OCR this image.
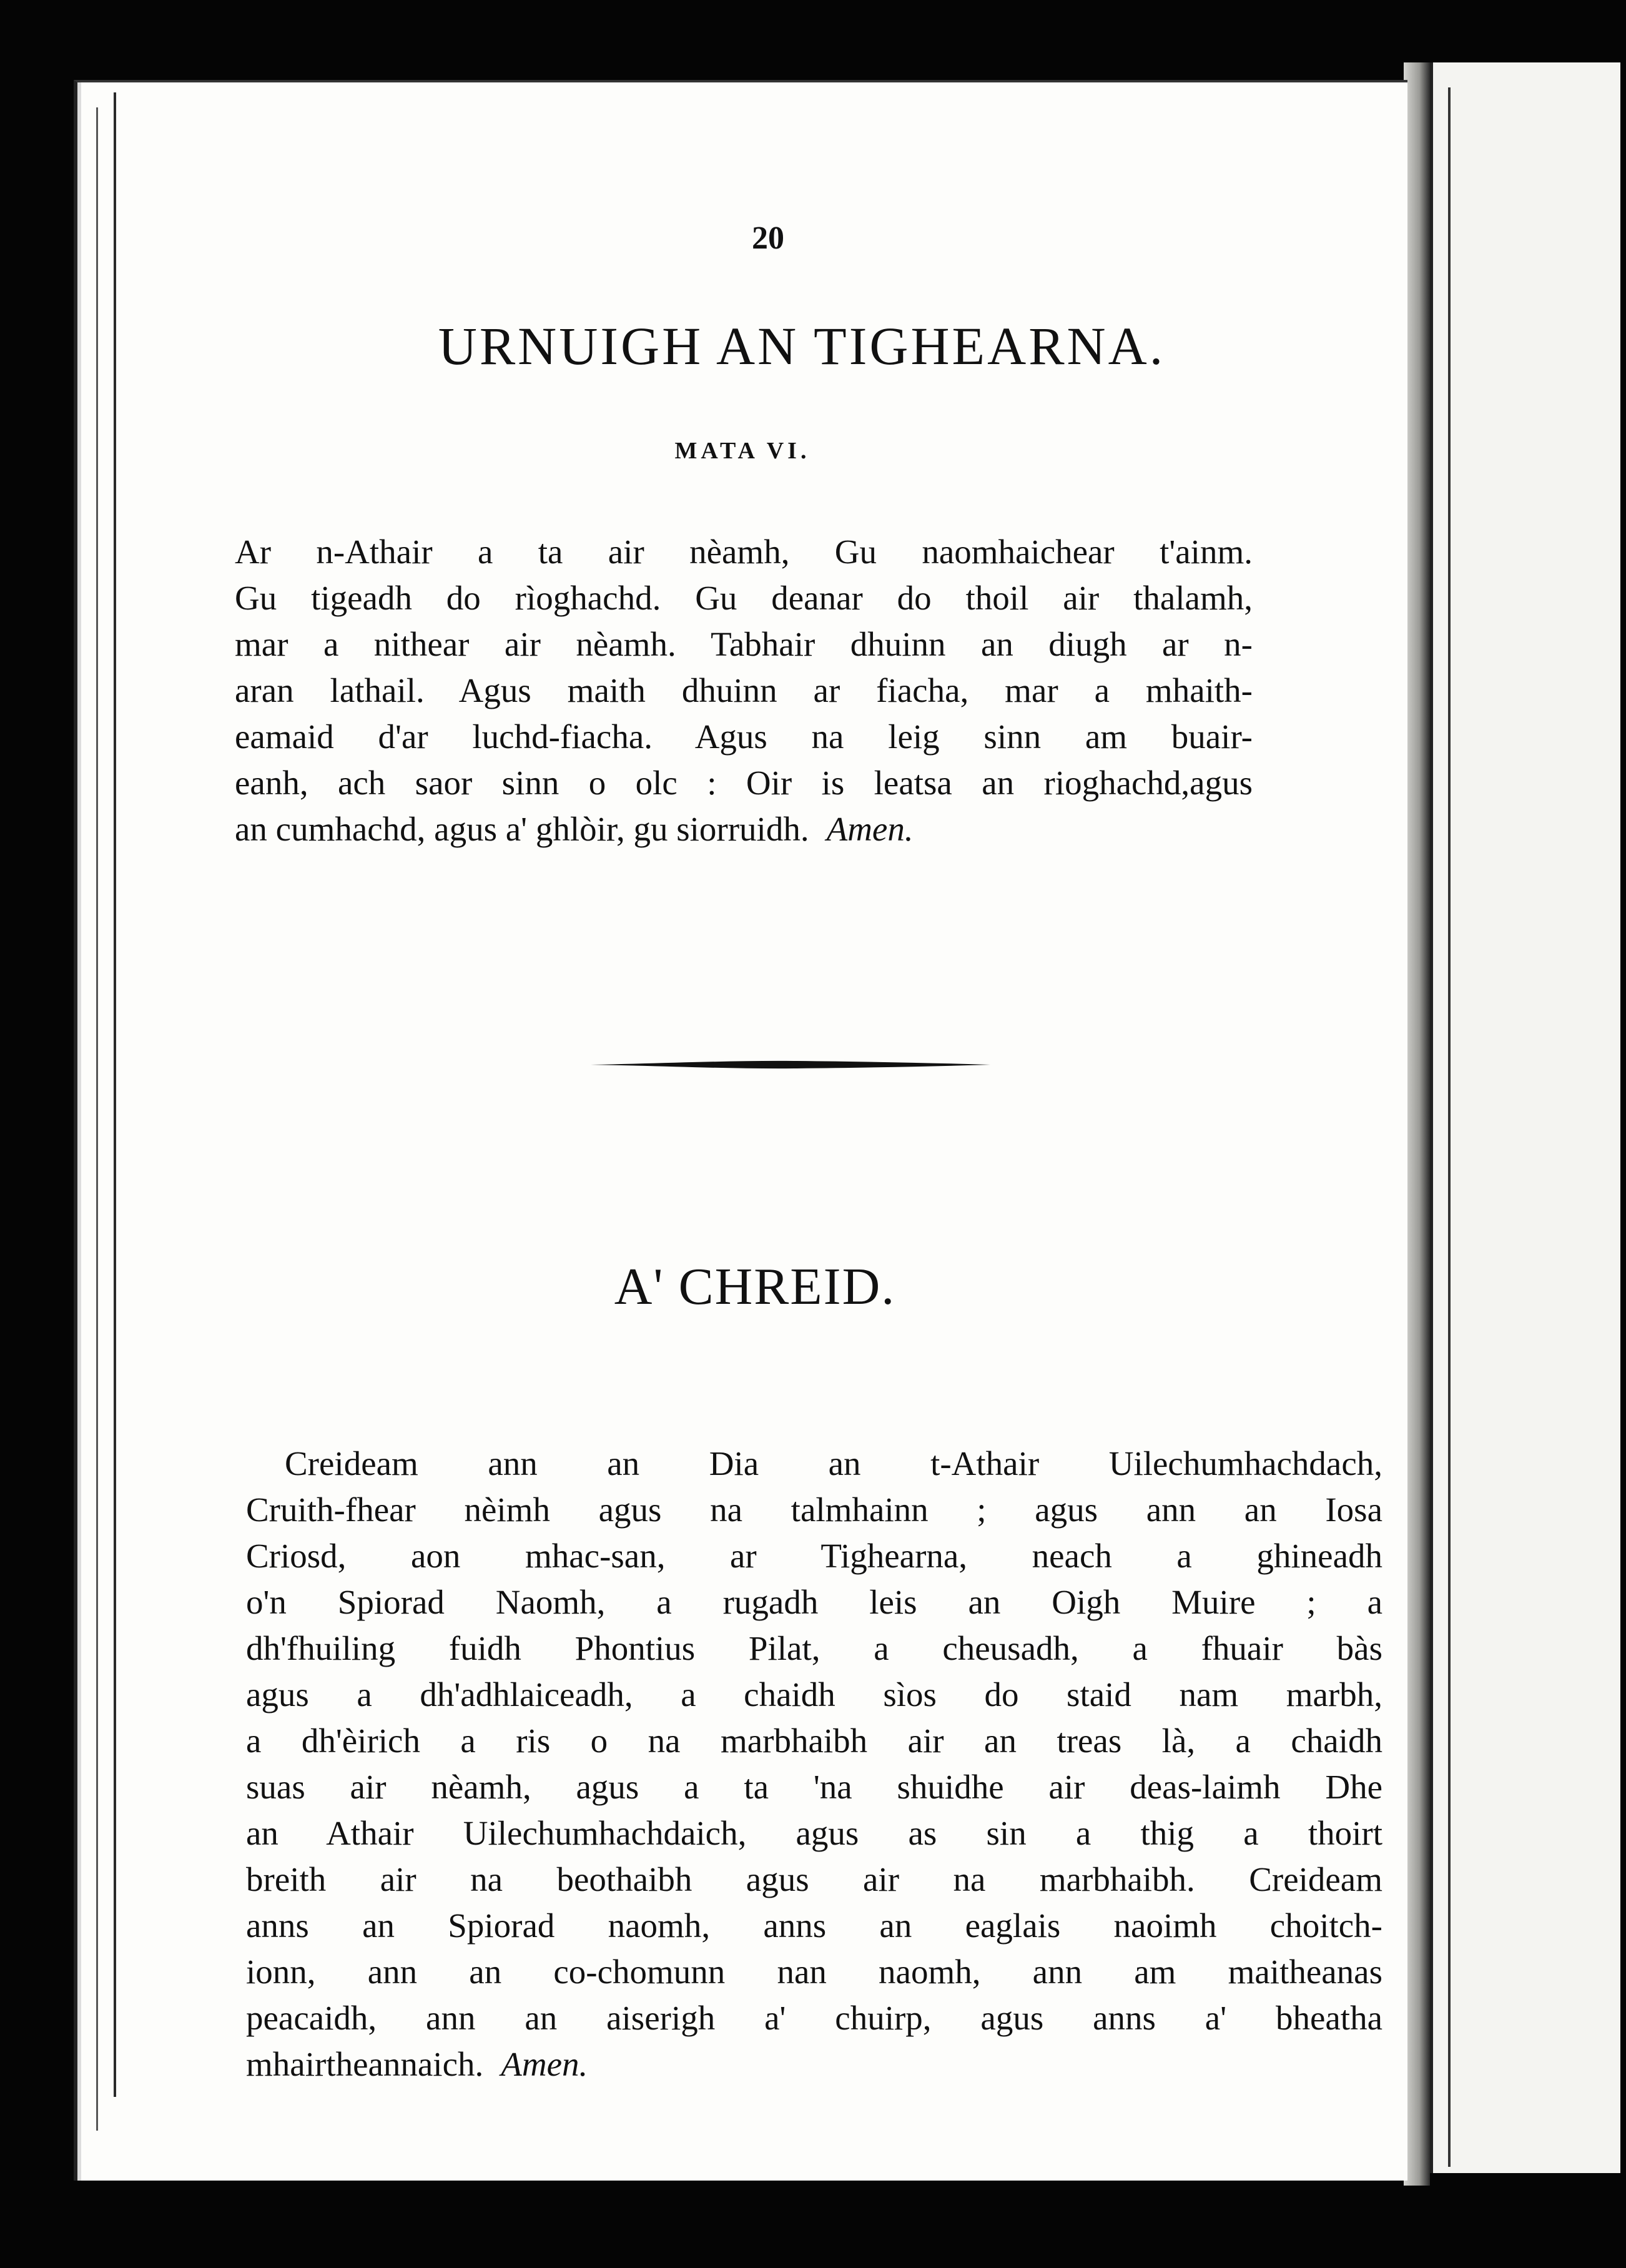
20
URNUIGH AN TIGHEARNA.
MATA VI.
Ar n-Athair a ta air nèamh, Gu naomhaichear t'ainm.
Gu tigeadh do rìoghachd. Gu deanar do thoil air thalamh,
mar a nithear air nèamh. Tabhair dhuinn an diugh ar n-
aran lathail. Agus maith dhuinn ar fiacha, mar a mhaith-
eamaid d'ar luchd-fiacha. Agus na leig sinn am buair-
eanh, ach saor sinn o olc : Oir is leatsa an rioghachd,agus
an cumhachd, agus a' ghlòir, gu siorruidh. Amen.
A' CHREID.
Creideam ann an Dia an t-Athair Uilechumhachdach,
Cruith-fhear nèimh agus na talmhainn ; agus ann an Iosa
Criosd, aon mhac-san, ar Tighearna, neach a ghineadh
o'n Spiorad Naomh, a rugadh leis an Oigh Muire ; a
dh'fhuiling fuidh Phontius Pilat, a cheusadh, a fhuair bàs
agus a dh'adhlaiceadh, a chaidh sìos do staid nam marbh,
a dh'èirich a ris o na marbhaibh air an treas là, a chaidh
suas air nèamh, agus a ta 'na shuidhe air deas-laimh Dhe
an Athair Uilechumhachdaich, agus as sin a thig a thoirt
breith air na beothaibh agus air na marbhaibh. Creideam
anns an Spiorad naomh, anns an eaglais naoimh choitch-
ionn, ann an co-chomunn nan naomh, ann am maitheanas
peacaidh, ann an aiserigh a' chuirp, agus anns a' bheatha
mhairtheannaich. Amen.
